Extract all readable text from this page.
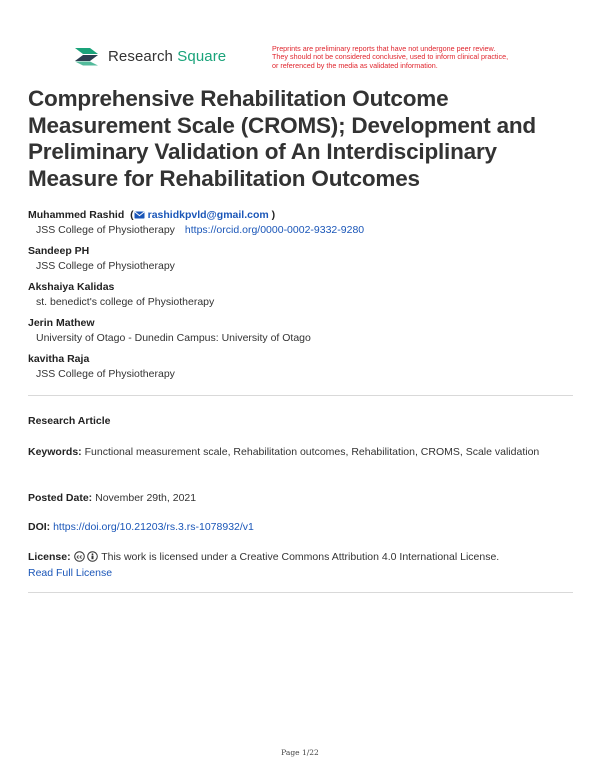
Research Square	Preprints are preliminary reports that have not undergone peer review.
They should not be considered conclusive, used to inform clinical practice,
or referenced by the media as validated information.
Comprehensive Rehabilitation Outcome Measurement Scale (CROMS); Development and Preliminary Validation of An Interdisciplinary Measure for Rehabilitation Outcomes
Muhammed Rashid  ( rashidkpvld@gmail.com )
JSS College of Physiotherapy https://orcid.org/0000-0002-9332-9280
Sandeep PH
JSS College of Physiotherapy
Akshaiya Kalidas
st. benedict's college of Physiotherapy
Jerin Mathew
University of Otago - Dunedin Campus: University of Otago
kavitha Raja
JSS College of Physiotherapy
Research Article
Keywords: Functional measurement scale, Rehabilitation outcomes, Rehabilitation, CROMS, Scale validation
Posted Date: November 29th, 2021
DOI: https://doi.org/10.21203/rs.3.rs-1078932/v1
License: cc This work is licensed under a Creative Commons Attribution 4.0 International License.
Read Full License
Page 1/22
